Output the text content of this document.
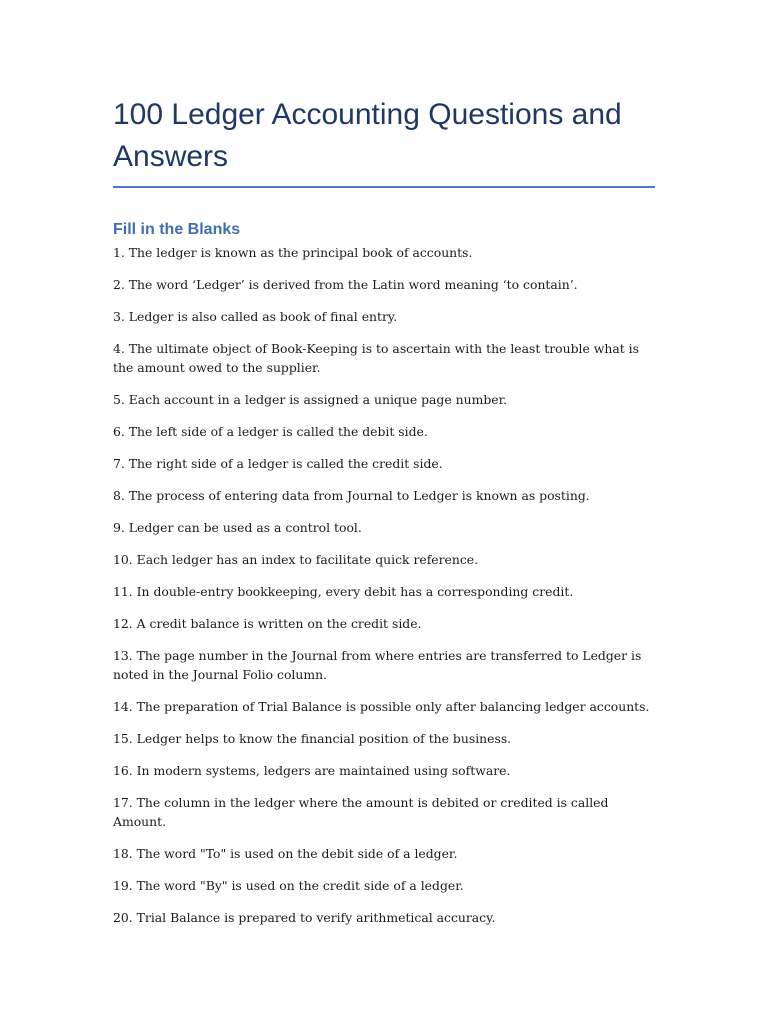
100 Ledger Accounting Questions and Answers
Fill in the Blanks
1. The ledger is known as the principal book of accounts.
2. The word ‘Ledger’ is derived from the Latin word meaning ‘to contain’.
3. Ledger is also called as book of final entry.
4. The ultimate object of Book-Keeping is to ascertain with the least trouble what is the amount owed to the supplier.
5. Each account in a ledger is assigned a unique page number.
6. The left side of a ledger is called the debit side.
7. The right side of a ledger is called the credit side.
8. The process of entering data from Journal to Ledger is known as posting.
9. Ledger can be used as a control tool.
10. Each ledger has an index to facilitate quick reference.
11. In double-entry bookkeeping, every debit has a corresponding credit.
12. A credit balance is written on the credit side.
13. The page number in the Journal from where entries are transferred to Ledger is noted in the Journal Folio column.
14. The preparation of Trial Balance is possible only after balancing ledger accounts.
15. Ledger helps to know the financial position of the business.
16. In modern systems, ledgers are maintained using software.
17. The column in the ledger where the amount is debited or credited is called Amount.
18. The word "To" is used on the debit side of a ledger.
19. The word "By" is used on the credit side of a ledger.
20. Trial Balance is prepared to verify arithmetical accuracy.
